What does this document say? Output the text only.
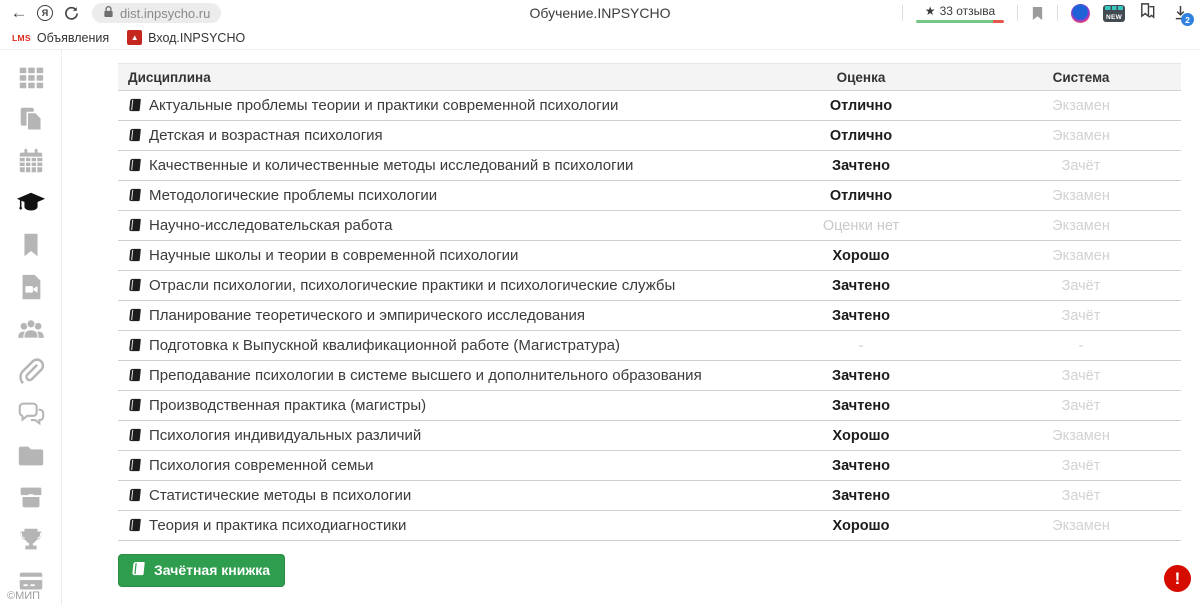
←	Я	dist.inpsycho.ru	Обучение.INPSYCHO	★ 33 отзыва	NEW	2
LMS Объявления	▲ Вход.INPSYCHO
©МИП
Дисциплина	Оценка	Система

Актуальные проблемы теории и практики современной психологии	Отлично	Экзамен

Детская и возрастная психология	Отлично	Экзамен

Качественные и количественные методы исследований в психологии	Зачтено	Зачёт

Методологические проблемы психологии	Отлично	Экзамен

Научно-исследовательская работа	Оценки нет	Экзамен

Научные школы и теории в современной психологии	Хорошо	Экзамен

Отрасли психологии, психологические практики и психологические службы	Зачтено	Зачёт

Планирование теоретического и эмпирического исследования	Зачтено	Зачёт

Подготовка к Выпускной квалификационной работе (Магистратура)	-	-

Преподавание психологии в системе высшего и дополнительного образования	Зачтено	Зачёт

Производственная практика (магистры)	Зачтено	Зачёт

Психология индивидуальных различий	Хорошо	Экзамен

Психология современной семьи	Зачтено	Зачёт

Статистические методы в психологии	Зачтено	Зачёт

Теория и практика психодиагностики	Хорошо	Экзамен
Зачётная книжка	!
